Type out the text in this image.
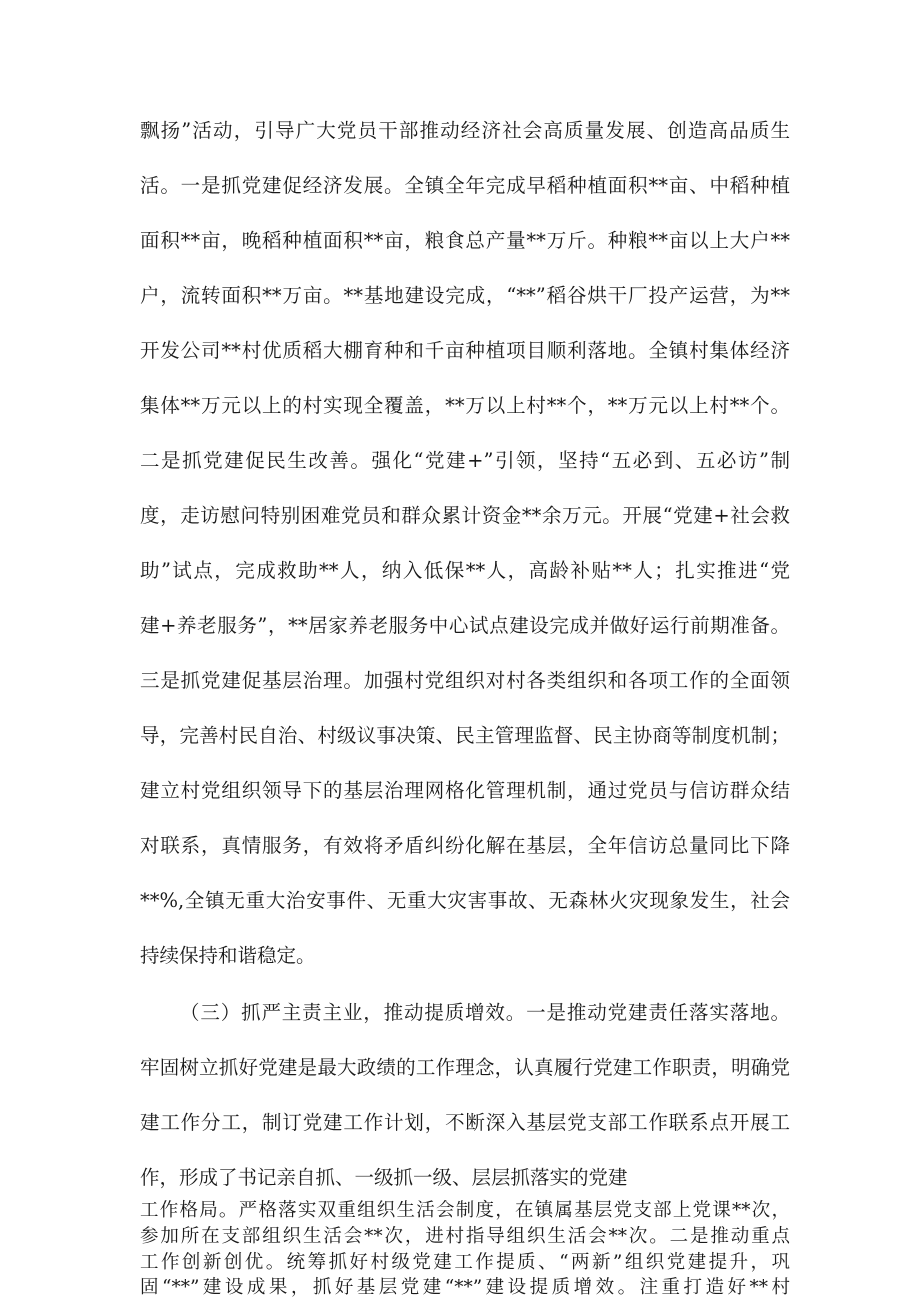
飘扬”活动，引导广大党员干部推动经济社会高质量发展、创造高品质生
活。一是抓党建促经济发展。全镇全年完成早稻种植面积**亩、中稻种植
面积**亩，晚稻种植面积**亩，粮食总产量**万斤。种粮**亩以上大户**
户，流转面积**万亩。**基地建设完成，“**”稻谷烘干厂投产运营，为**
开发公司**村优质稻大棚育种和千亩种植项目顺利落地。全镇村集体经济
集体**万元以上的村实现全覆盖，**万以上村**个，**万元以上村**个。
二是抓党建促民生改善。强化“党建+”引领，坚持“五必到、五必访”制
度，走访慰问特别困难党员和群众累计资金**余万元。开展“党建+社会救
助”试点，完成救助**人，纳入低保**人，高龄补贴**人；扎实推进“党
建+养老服务”，**居家养老服务中心试点建设完成并做好运行前期准备。
三是抓党建促基层治理。加强村党组织对村各类组织和各项工作的全面领
导，完善村民自治、村级议事决策、民主管理监督、民主协商等制度机制；
建立村党组织领导下的基层治理网格化管理机制，通过党员与信访群众结
对联系，真情服务，有效将矛盾纠纷化解在基层，全年信访总量同比下降
**%,全镇无重大治安事件、无重大灾害事故、无森林火灾现象发生，社会
持续保持和谐稳定。
（三）抓严主责主业，推动提质增效。一是推动党建责任落实落地。
牢固树立抓好党建是最大政绩的工作理念，认真履行党建工作职责，明确党
建工作分工，制订党建工作计划，不断深入基层党支部工作联系点开展工
作，形成了书记亲自抓、一级抓一级、层层抓落实的党建
工作格局。严格落实双重组织生活会制度，在镇属基层党支部上党课**次，
参加所在支部组织生活会**次，进村指导组织生活会**次。二是推动重点
工作创新创优。统筹抓好村级党建工作提质、“两新”组织党建提升，巩
固“**”建设成果，抓好基层党建“**”建设提质增效。注重打造好**村
